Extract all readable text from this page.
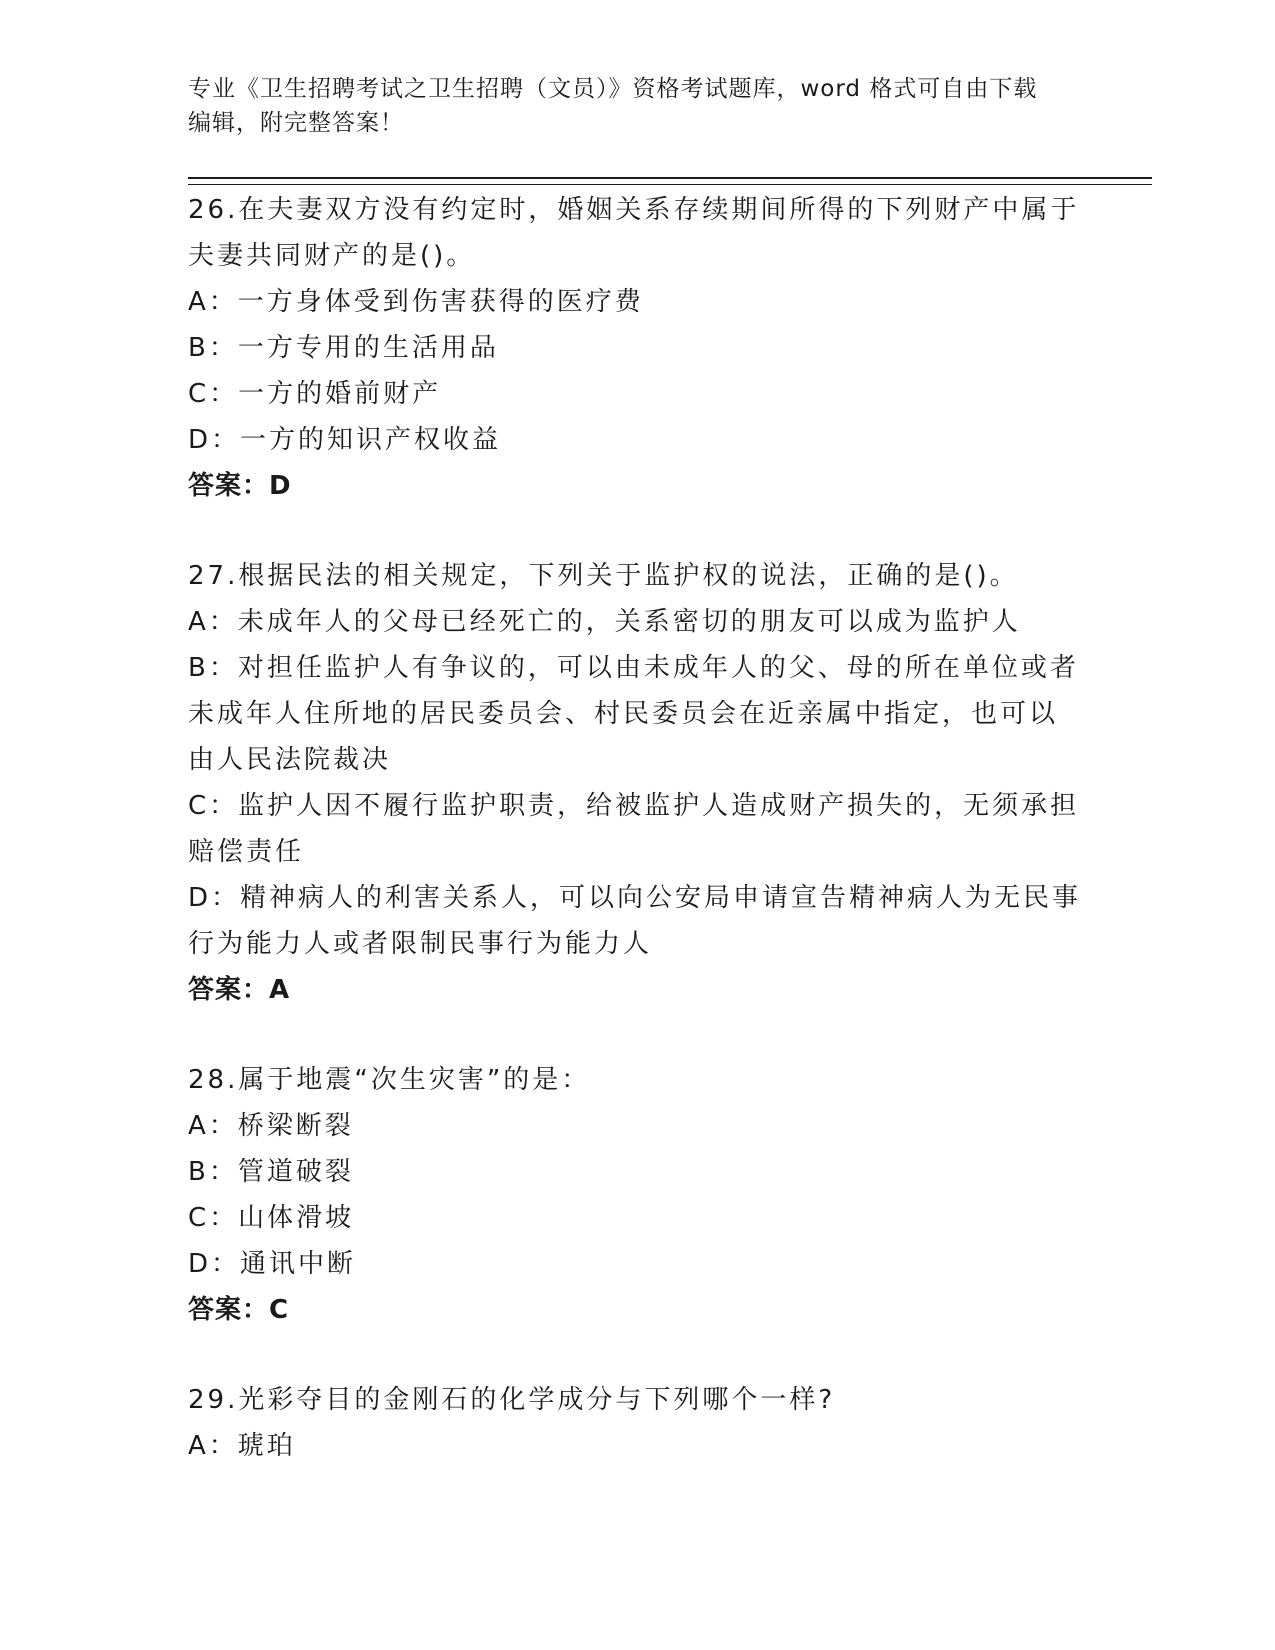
专业《卫生招聘考试之卫生招聘（文员）》资格考试题库，word 格式可自由下载
编辑，附完整答案！
26.在夫妻双方没有约定时，婚姻关系存续期间所得的下列财产中属于
夫妻共同财产的是()。
A：一方身体受到伤害获得的医疗费
B：一方专用的生活用品
C：一方的婚前财产
D：一方的知识产权收益
答案：D
27.根据民法的相关规定，下列关于监护权的说法，正确的是()。
A：未成年人的父母已经死亡的，关系密切的朋友可以成为监护人
B：对担任监护人有争议的，可以由未成年人的父、母的所在单位或者
未成年人住所地的居民委员会、村民委员会在近亲属中指定，也可以
由人民法院裁决
C：监护人因不履行监护职责，给被监护人造成财产损失的，无须承担
赔偿责任
D：精神病人的利害关系人，可以向公安局申请宣告精神病人为无民事
行为能力人或者限制民事行为能力人
答案：A
28.属于地震“次生灾害”的是：
A：桥梁断裂
B：管道破裂
C：山体滑坡
D：通讯中断
答案：C
29.光彩夺目的金刚石的化学成分与下列哪个一样?
A：琥珀
